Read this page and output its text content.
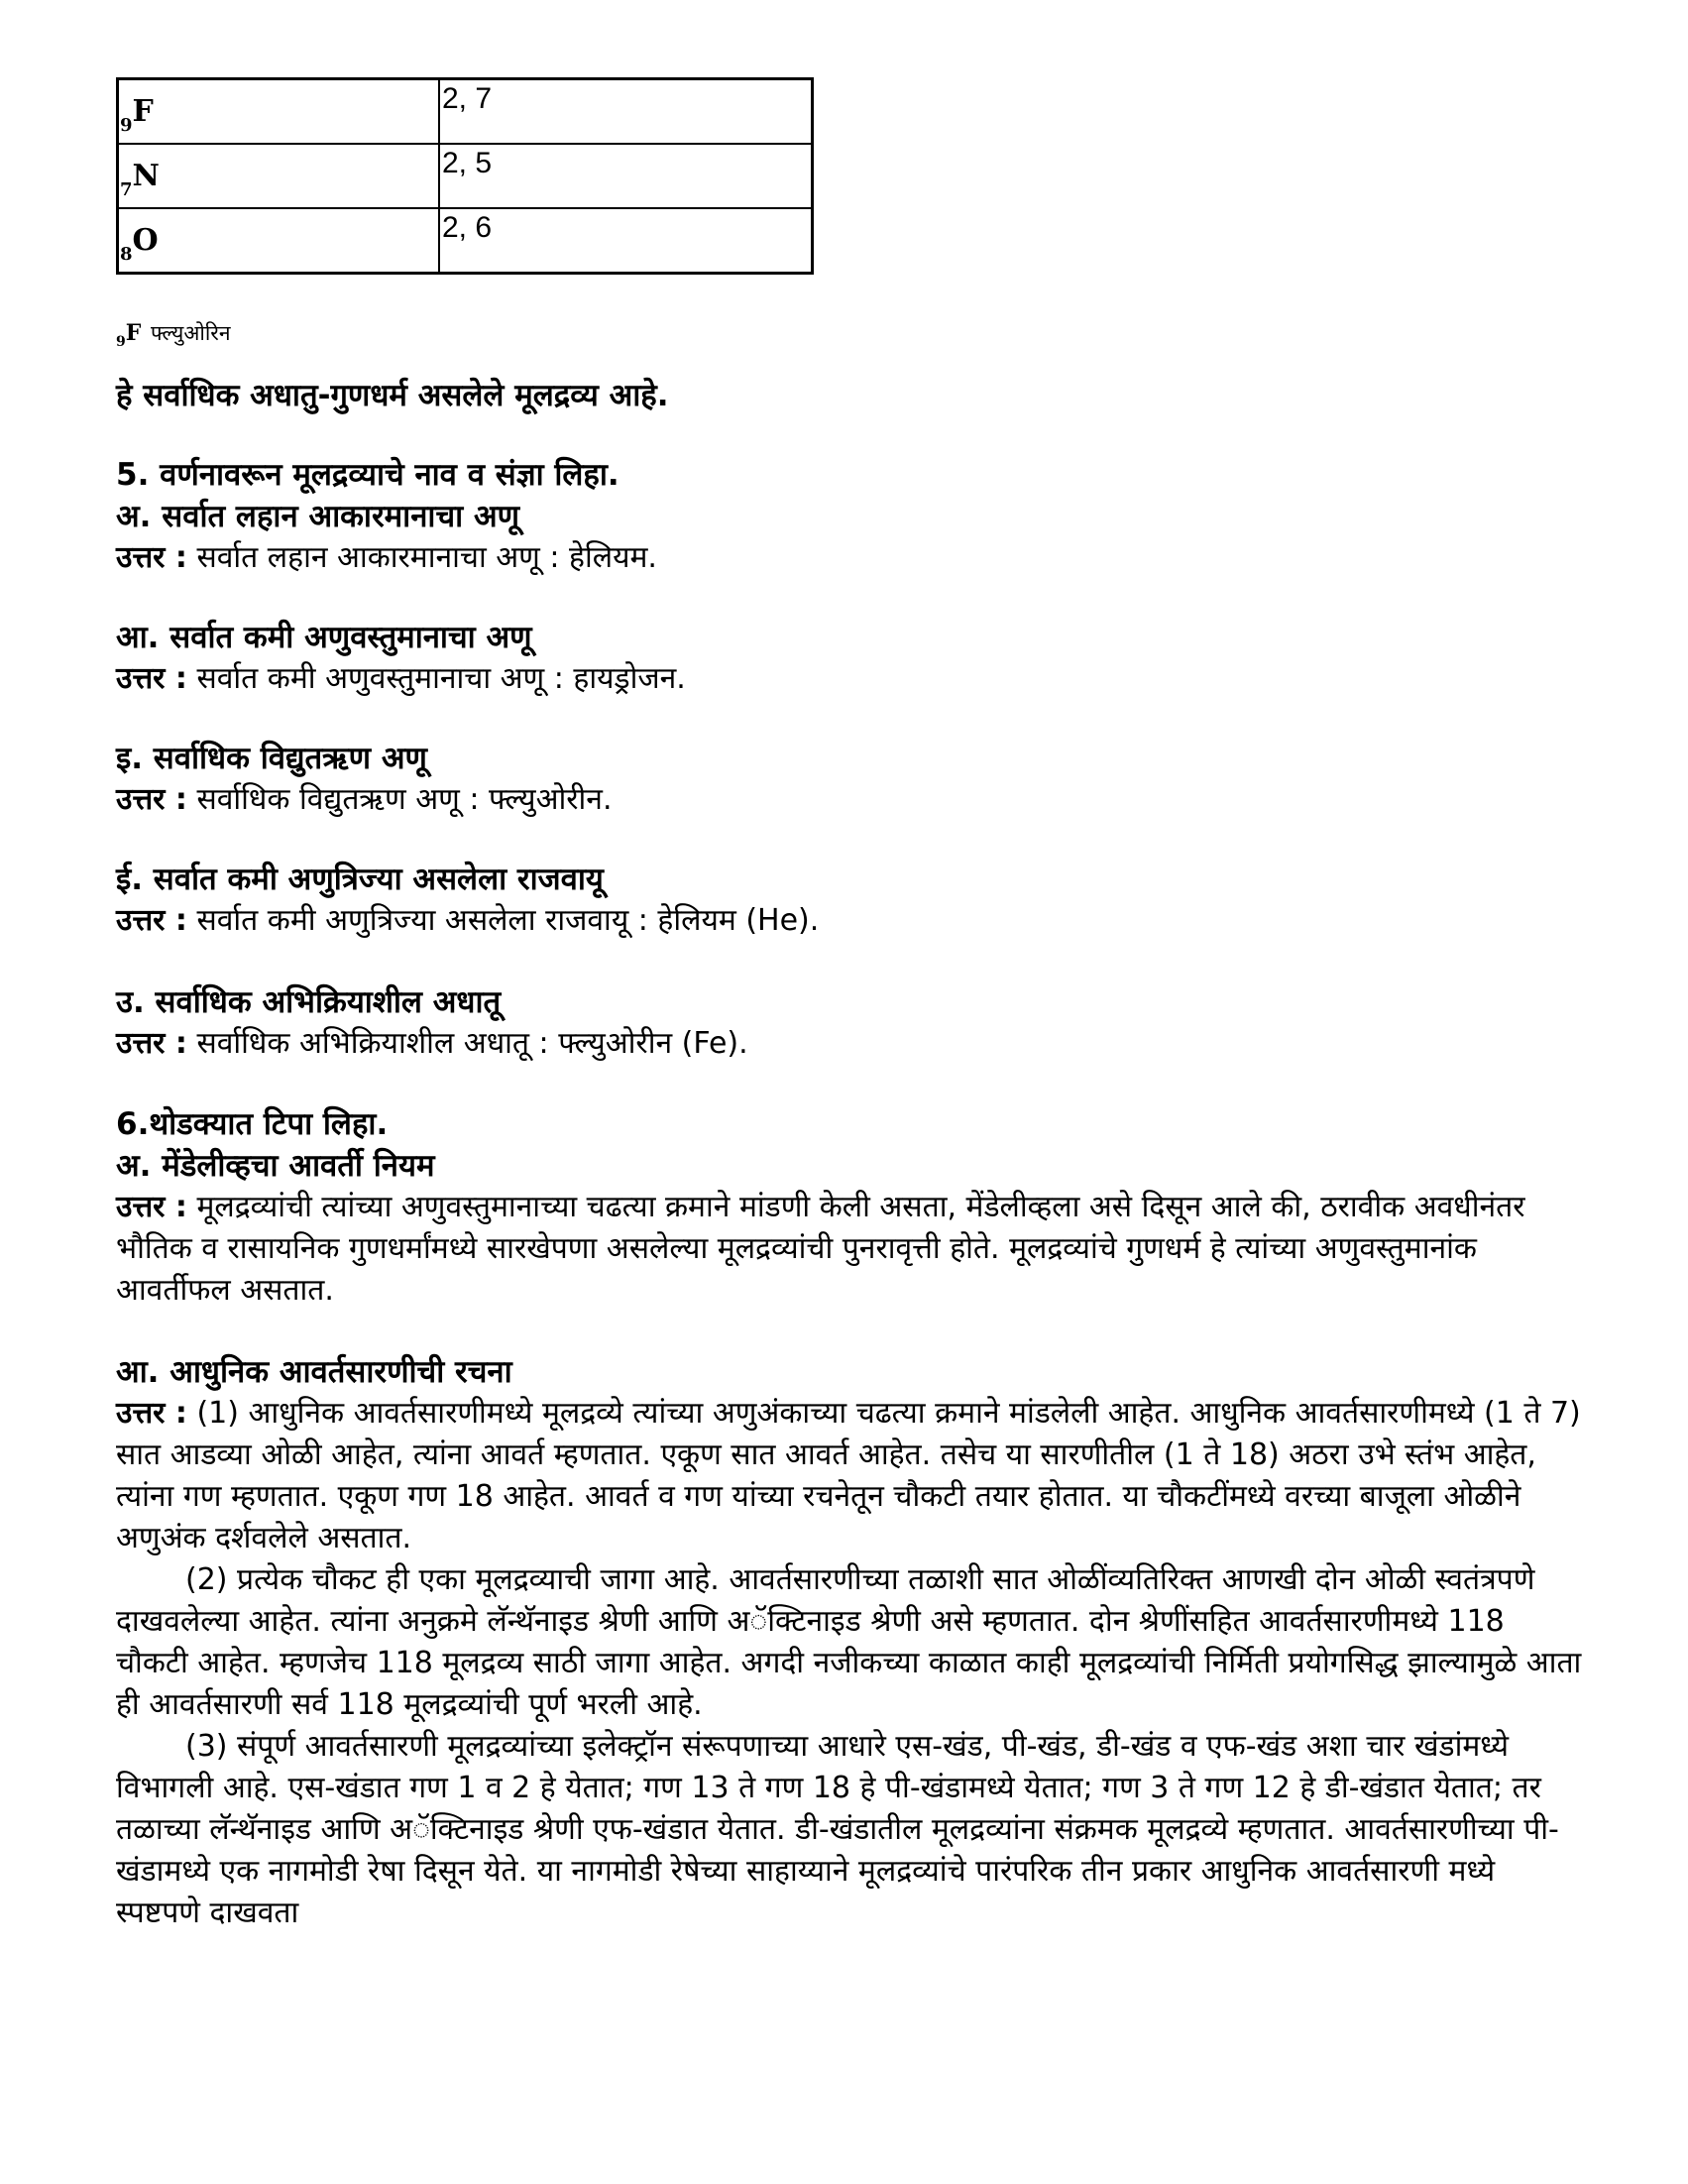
$_9$F	2, 7

$_7$N	2, 5

$_8$O	2, 6
$_9$F फ्ल्युओरिन

हे सर्वाधिक अधातु-गुणधर्म असलेले मूलद्रव्य आहे.

5. वर्णनावरून मूलद्रव्याचे नाव व संज्ञा लिहा.

अ. सर्वात लहान आकारमानाचा अणू

उत्तर : सर्वात लहान आकारमानाचा अणू : हेलियम.

आ. सर्वात कमी अणुवस्तुमानाचा अणू

उत्तर : सर्वात कमी अणुवस्तुमानाचा अणू : हायड्रोजन.

इ. सर्वाधिक विद्युतऋण अणू

उत्तर : सर्वाधिक विद्युतऋण अणू : फ्ल्युओरीन.

ई. सर्वात कमी अणुत्रिज्या असलेला राजवायू

उत्तर : सर्वात कमी अणुत्रिज्या असलेला राजवायू : हेलियम (He).

उ. सर्वाधिक अभिक्रियाशील अधातू

उत्तर : सर्वाधिक अभिक्रियाशील अधातू : फ्ल्युओरीन (Fe).

6.थोडक्यात टिपा लिहा.

अ. मेंडेलीव्हचा आवर्ती नियम

उत्तर : मूलद्रव्यांची त्यांच्या अणुवस्तुमानाच्या चढत्या क्रमाने मांडणी केली असता, मेंडेलीव्हला असे दिसून आले की, ठरावीक अवधीनंतर भौतिक व रासायनिक गुणधर्मांमध्ये सारखेपणा असलेल्या मूलद्रव्यांची पुनरावृत्ती होते. मूलद्रव्यांचे गुणधर्म हे त्यांच्या अणुवस्तुमानांक आवर्तीफल असतात.

आ. आधुनिक आवर्तसारणीची रचना

उत्तर : (1) आधुनिक आवर्तसारणीमध्ये मूलद्रव्ये त्यांच्या अणुअंकाच्या चढत्या क्रमाने मांडलेली आहेत. आधुनिक आवर्तसारणीमध्ये (1 ते 7) सात आडव्या ओळी आहेत, त्यांना आवर्त म्हणतात. एकूण सात आवर्त आहेत. तसेच या सारणीतील (1 ते 18) अठरा उभे स्तंभ आहेत, त्यांना गण म्हणतात. एकूण गण 18 आहेत. आवर्त व गण यांच्या रचनेतून चौकटी तयार होतात. या चौकटींमध्ये वरच्या बाजूला ओळीने अणुअंक दर्शवलेले असतात.

(2) प्रत्येक चौकट ही एका मूलद्रव्याची जागा आहे. आवर्तसारणीच्या तळाशी सात ओळींव्यतिरिक्त आणखी दोन ओळी स्वतंत्रपणे दाखवलेल्या आहेत. त्यांना अनुक्रमे लॅन्थॅनाइड श्रेणी आणि अॅक्टिनाइड श्रेणी असे म्हणतात. दोन श्रेणींसहित आवर्तसारणीमध्ये 118 चौकटी आहेत. म्हणजेच 118 मूलद्रव्य साठी जागा आहेत. अगदी नजीकच्या काळात काही मूलद्रव्यांची निर्मिती प्रयोगसिद्ध झाल्यामुळे आता ही आवर्तसारणी सर्व 118 मूलद्रव्यांची पूर्ण भरली आहे.

(3) संपूर्ण आवर्तसारणी मूलद्रव्यांच्या इलेक्ट्रॉन संरूपणाच्या आधारे एस-खंड, पी-खंड, डी-खंड व एफ-खंड अशा चार खंडांमध्ये विभागली आहे. एस-खंडात गण 1 व 2 हे येतात; गण 13 ते गण 18 हे पी-खंडामध्ये येतात; गण 3 ते गण 12 हे डी-खंडात येतात; तर तळाच्या लॅन्थॅनाइड आणि अॅक्टिनाइड श्रेणी एफ-खंडात येतात. डी-खंडातील मूलद्रव्यांना संक्रमक मूलद्रव्ये म्हणतात. आवर्तसारणीच्या पी-खंडामध्ये एक नागमोडी रेषा दिसून येते. या नागमोडी रेषेच्या साहाय्याने मूलद्रव्यांचे पारंपरिक तीन प्रकार आधुनिक आवर्तसारणी मध्ये स्पष्टपणे दाखवता
